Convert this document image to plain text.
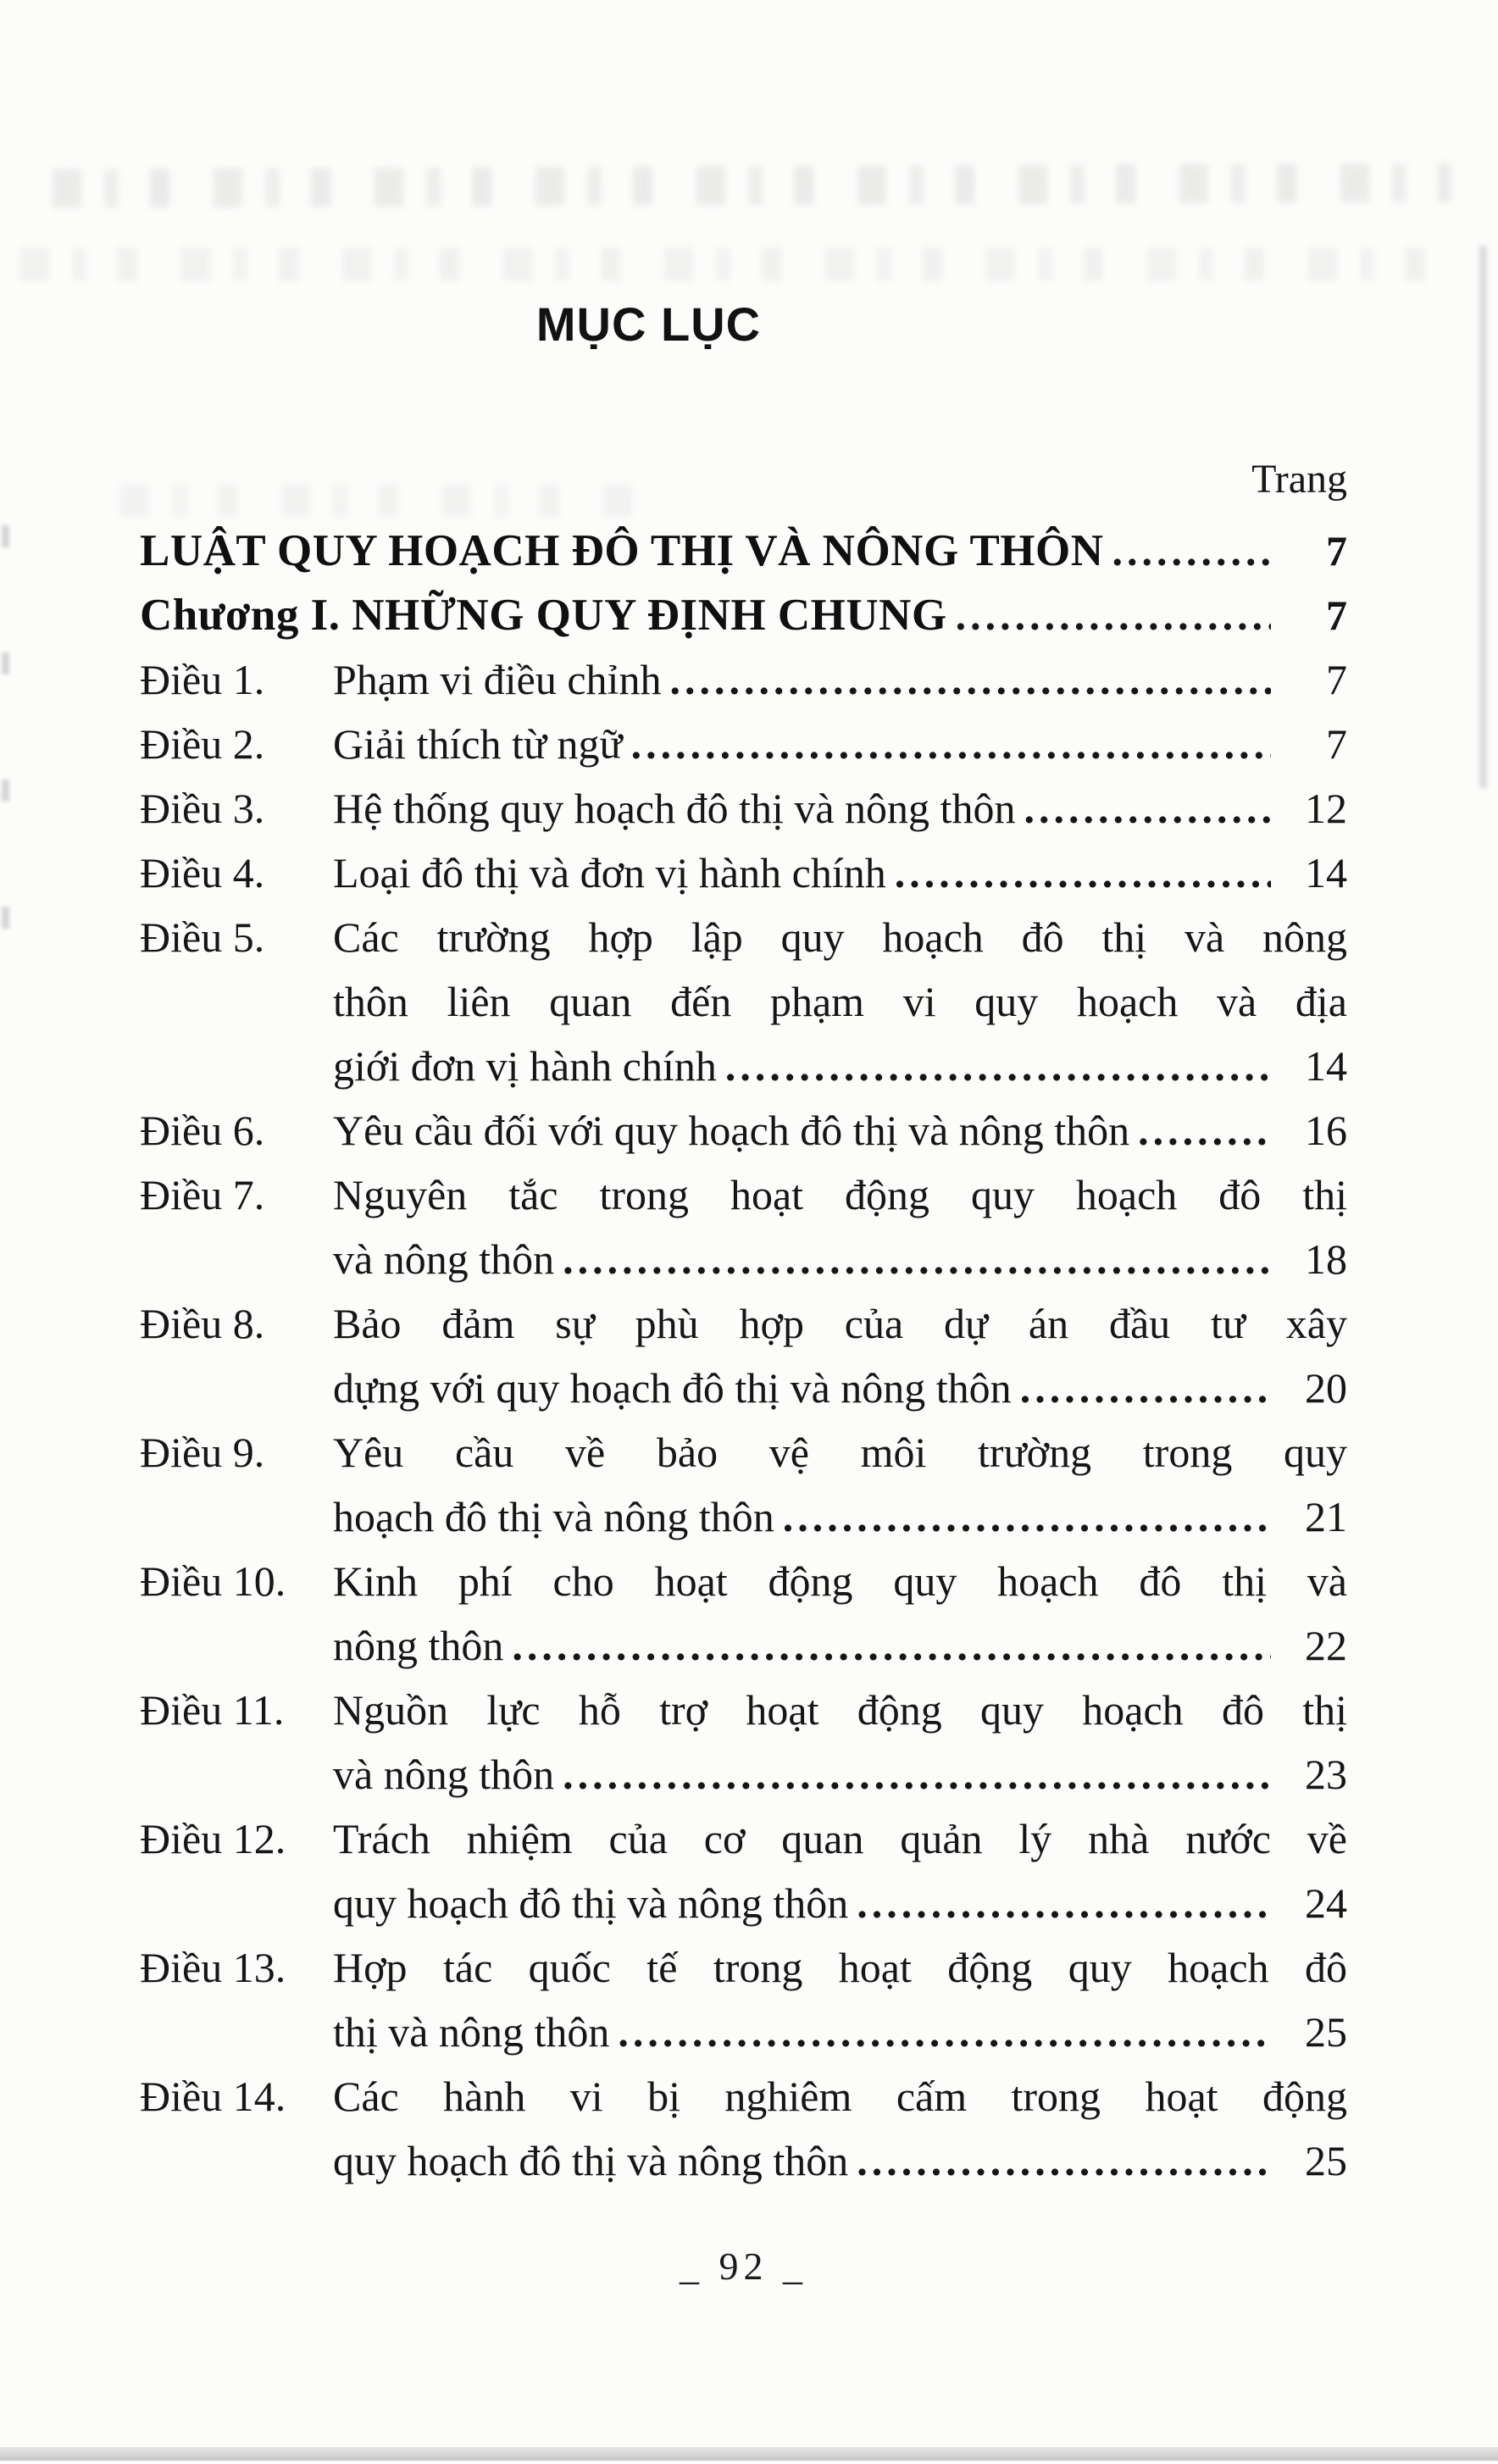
MỤC LỤC
Trang
LUẬT QUY HOẠCH ĐÔ THỊ VÀ NÔNG THÔN .....	7
Chương I. NHỮNG QUY ĐỊNH CHUNG .....	7
Điều 1.	Phạm vi điều chỉnh .....	7
Điều 2.	Giải thích từ ngữ .....	7
Điều 3.	Hệ thống quy hoạch đô thị và nông thôn .....	12
Điều 4.	Loại đô thị và đơn vị hành chính .....	14
Điều 5.	Các trường hợp lập quy hoạch đô thị và nông
thôn liên quan đến phạm vi quy hoạch và địa
giới đơn vị hành chính .....	14
Điều 6.	Yêu cầu đối với quy hoạch đô thị và nông thôn .....	16
Điều 7.	Nguyên tắc trong hoạt động quy hoạch đô thị
và nông thôn .....	18
Điều 8.	Bảo đảm sự phù hợp của dự án đầu tư xây
dựng với quy hoạch đô thị và nông thôn .....	20
Điều 9.	Yêu cầu về bảo vệ môi trường trong quy
hoạch đô thị và nông thôn .....	21
Điều 10.	Kinh phí cho hoạt động quy hoạch đô thị và
nông thôn .....	22
Điều 11.	Nguồn lực hỗ trợ hoạt động quy hoạch đô thị
và nông thôn .....	23
Điều 12.	Trách nhiệm của cơ quan quản lý nhà nước về
quy hoạch đô thị và nông thôn .....	24
Điều 13.	Hợp tác quốc tế trong hoạt động quy hoạch đô
thị và nông thôn .....	25
Điều 14.	Các hành vi bị nghiêm cấm trong hoạt động
quy hoạch đô thị và nông thôn .....	25
_ 92 _
